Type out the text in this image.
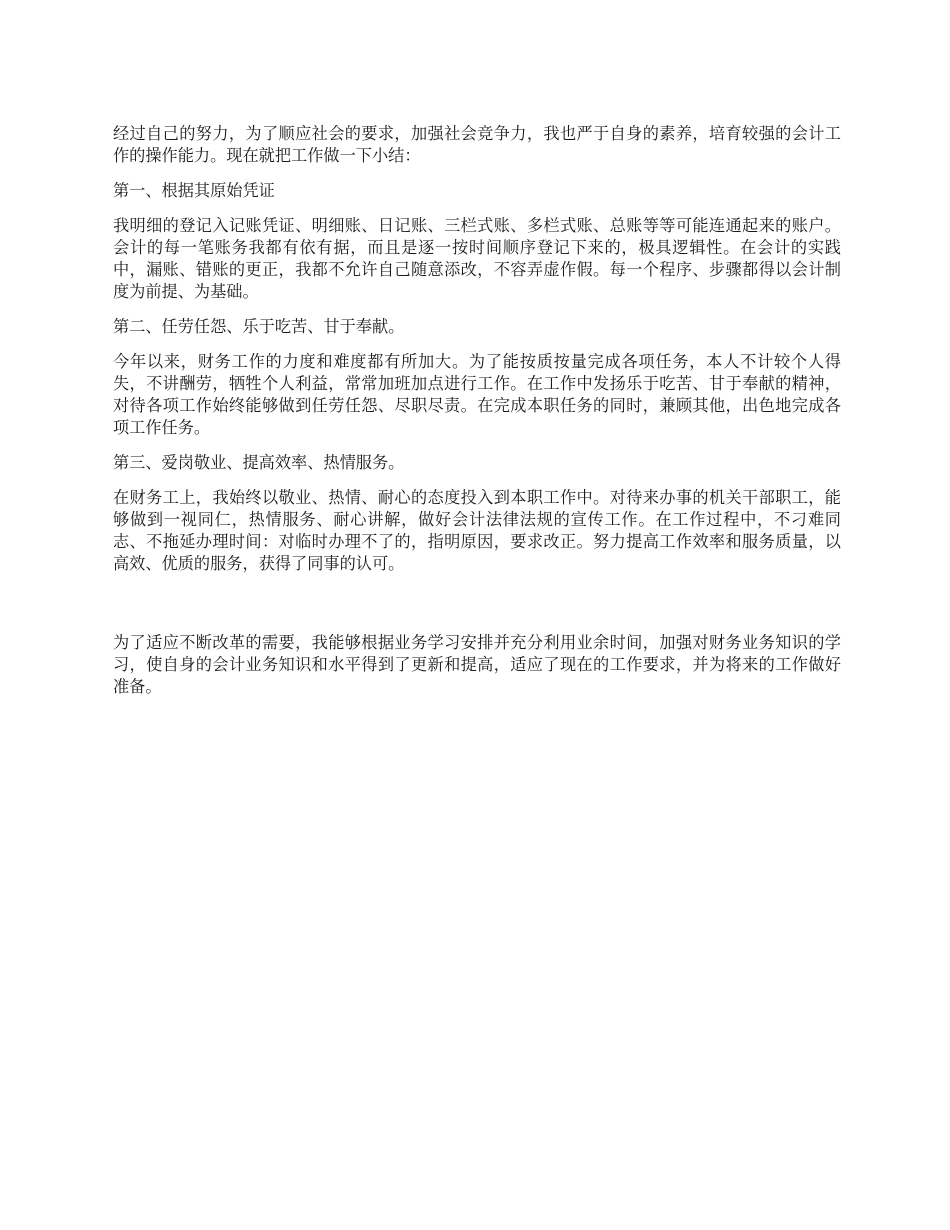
经过自己的努力，为了顺应社会的要求，加强社会竞争力，我也严于自身的素养，培育较强的会计工作的操作能力。现在就把工作做一下小结：

第一、根据其原始凭证

我明细的登记入记账凭证、明细账、日记账、三栏式账、多栏式账、总账等等可能连通起来的账户。会计的每一笔账务我都有依有据，而且是逐一按时间顺序登记下来的，极具逻辑性。在会计的实践中，漏账、错账的更正，我都不允许自己随意添改，不容弄虚作假。每一个程序、步骤都得以会计制度为前提、为基础。

第二、任劳任怨、乐于吃苦、甘于奉献。

今年以来，财务工作的力度和难度都有所加大。为了能按质按量完成各项任务，本人不计较个人得失，不讲酬劳，牺牲个人利益，常常加班加点进行工作。在工作中发扬乐于吃苦、甘于奉献的精神，对待各项工作始终能够做到任劳任怨、尽职尽责。在完成本职任务的同时，兼顾其他，出色地完成各项工作任务。

第三、爱岗敬业、提高效率、热情服务。

在财务工上，我始终以敬业、热情、耐心的态度投入到本职工作中。对待来办事的机关干部职工，能够做到一视同仁，热情服务、耐心讲解，做好会计法律法规的宣传工作。在工作过程中，不刁难同志、不拖延办理时间：对临时办理不了的，指明原因，要求改正。努力提高工作效率和服务质量，以高效、优质的服务，获得了同事的认可。

为了适应不断改革的需要，我能够根据业务学习安排并充分利用业余时间，加强对财务业务知识的学习，使自身的会计业务知识和水平得到了更新和提高，适应了现在的工作要求，并为将来的工作做好准备。
